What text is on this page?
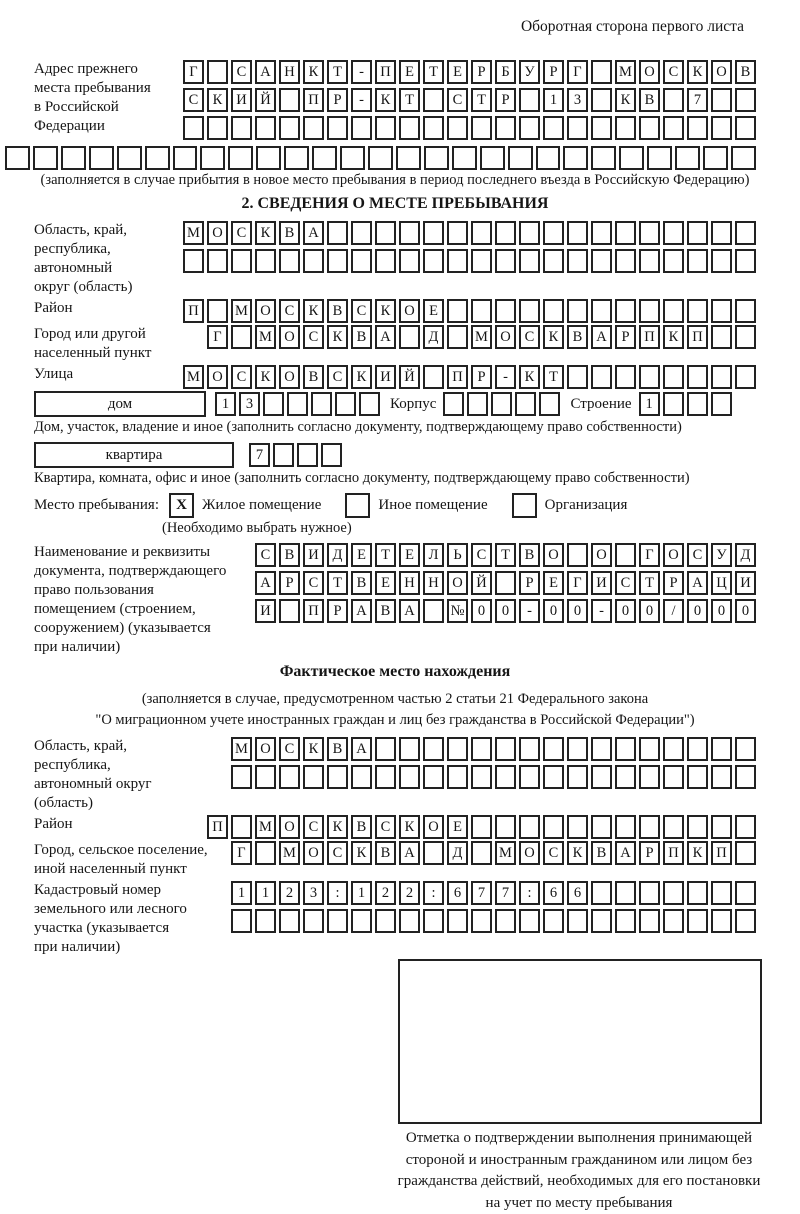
Оборотная сторона первого листа
Адрес прежнего
места пребывания
в Российской
Федерации
Г	С А Н К	Т	-	П Е	Т	Е	Р	Б	У	Р	Г	М О С К О В
С К И Й	П	Р	-	К	Т	С	Т	Р	1	3	К В	7
(заполняется в случае прибытия в новое место пребывания в период последнего въезда в Российскую Федерацию)
2. СВЕДЕНИЯ О МЕСТЕ ПРЕБЫВАНИЯ
Область, край,
республика,
автономный
округ (область)
М О С К В А
Район	П	М О С К В С К О Е
Город или другой
населенный пункт
Г	М О С К В А	Д	М О С К В А	Р	П К П
Улица	М О С К О В С К И Й	П	Р	-	К	Т
дом	1	3	Корпус	Строение 1
Дом, участок, владение и иное (заполнить согласно документу, подтверждающему право собственности)
квартира	7
Квартира, комната, офис и иное (заполнить согласно документу, подтверждающему право собственности)
Место пребывания:	X	Жилое помещение	Иное помещение	Организация
(Необходимо выбрать нужное)
Наименование и реквизиты
документа, подтверждающего
право пользования
помещением (строением,
сооружением) (указывается
при наличии)
С В И Д	Е	Т	Е	Л	Ь	С	Т	В О	О	Г	О С У Д
А	Р	С	Т	В	Е Н Н О Й	Р	Е	Г	И С	Т	Р	А Ц И
И	П	Р	А В А	№ 0	0	-	0	0	-	0	0	/	0	0	0
Фактическое место нахождения
(заполняется в случае, предусмотренном частью 2 статьи 21 Федерального закона
"О миграционном учете иностранных граждан и лиц без гражданства в Российской Федерации")
Область, край,
республика,
автономный округ
(область)
М О С К В А
Район	П	М О С К В С К О Е
Город, сельское поселение,
иной населенный пункт
Г	М О С К В А	Д	М О С К В А	Р	П К П
Кадастровый номер
земельного или лесного
участка (указывается
при наличии)
1	1	2	3	:	1	2	2	:	6	7	7	:	6	6
Отметка о подтверждении выполнения принимающей
стороной и иностранным гражданином или лицом без
гражданства действий, необходимых для его постановки
на учет по месту пребывания
